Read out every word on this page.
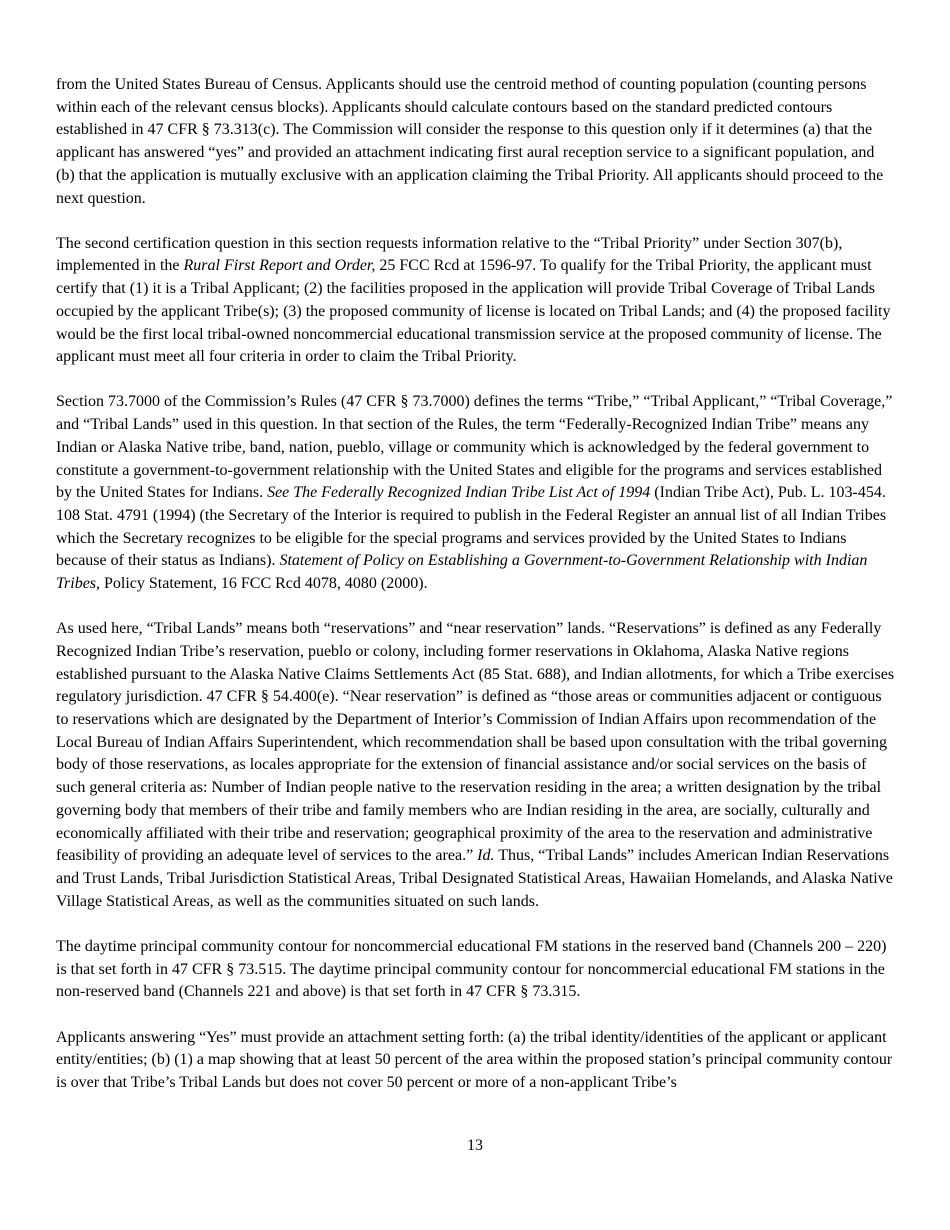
from the United States Bureau of Census. Applicants should use the centroid method of counting population (counting persons within each of the relevant census blocks). Applicants should calculate contours based on the standard predicted contours established in 47 CFR § 73.313(c). The Commission will consider the response to this question only if it determines (a) that the applicant has answered “yes” and provided an attachment indicating first aural reception service to a significant population, and (b) that the application is mutually exclusive with an application claiming the Tribal Priority. All applicants should proceed to the next question.

The second certification question in this section requests information relative to the “Tribal Priority” under Section 307(b), implemented in the Rural First Report and Order, 25 FCC Rcd at 1596-97. To qualify for the Tribal Priority, the applicant must certify that (1) it is a Tribal Applicant; (2) the facilities proposed in the application will provide Tribal Coverage of Tribal Lands occupied by the applicant Tribe(s); (3) the proposed community of license is located on Tribal Lands; and (4) the proposed facility would be the first local tribal-owned noncommercial educational transmission service at the proposed community of license. The applicant must meet all four criteria in order to claim the Tribal Priority.

Section 73.7000 of the Commission’s Rules (47 CFR § 73.7000) defines the terms “Tribe,” “Tribal Applicant,” “Tribal Coverage,” and “Tribal Lands” used in this question. In that section of the Rules, the term “Federally-Recognized Indian Tribe” means any Indian or Alaska Native tribe, band, nation, pueblo, village or community which is acknowledged by the federal government to constitute a government-to-government relationship with the United States and eligible for the programs and services established by the United States for Indians. See The Federally Recognized Indian Tribe List Act of 1994 (Indian Tribe Act), Pub. L. 103-454. 108 Stat. 4791 (1994) (the Secretary of the Interior is required to publish in the Federal Register an annual list of all Indian Tribes which the Secretary recognizes to be eligible for the special programs and services provided by the United States to Indians because of their status as Indians). Statement of Policy on Establishing a Government-to-Government Relationship with Indian Tribes, Policy Statement, 16 FCC Rcd 4078, 4080 (2000).

As used here, “Tribal Lands” means both “reservations” and “near reservation” lands. “Reservations” is defined as any Federally Recognized Indian Tribe’s reservation, pueblo or colony, including former reservations in Oklahoma, Alaska Native regions established pursuant to the Alaska Native Claims Settlements Act (85 Stat. 688), and Indian allotments, for which a Tribe exercises regulatory jurisdiction. 47 CFR § 54.400(e). “Near reservation” is defined as “those areas or communities adjacent or contiguous to reservations which are designated by the Department of Interior’s Commission of Indian Affairs upon recommendation of the Local Bureau of Indian Affairs Superintendent, which recommendation shall be based upon consultation with the tribal governing body of those reservations, as locales appropriate for the extension of financial assistance and/or social services on the basis of such general criteria as: Number of Indian people native to the reservation residing in the area; a written designation by the tribal governing body that members of their tribe and family members who are Indian residing in the area, are socially, culturally and economically affiliated with their tribe and reservation; geographical proximity of the area to the reservation and administrative feasibility of providing an adequate level of services to the area.” Id. Thus, “Tribal Lands” includes American Indian Reservations and Trust Lands, Tribal Jurisdiction Statistical Areas, Tribal Designated Statistical Areas, Hawaiian Homelands, and Alaska Native Village Statistical Areas, as well as the communities situated on such lands.

The daytime principal community contour for noncommercial educational FM stations in the reserved band (Channels 200 – 220) is that set forth in 47 CFR § 73.515. The daytime principal community contour for noncommercial educational FM stations in the non-reserved band (Channels 221 and above) is that set forth in 47 CFR § 73.315.

Applicants answering “Yes” must provide an attachment setting forth: (a) the tribal identity/identities of the applicant or applicant entity/entities; (b) (1) a map showing that at least 50 percent of the area within the proposed station’s principal community contour is over that Tribe’s Tribal Lands but does not cover 50 percent or more of a non-applicant Tribe’s

13
